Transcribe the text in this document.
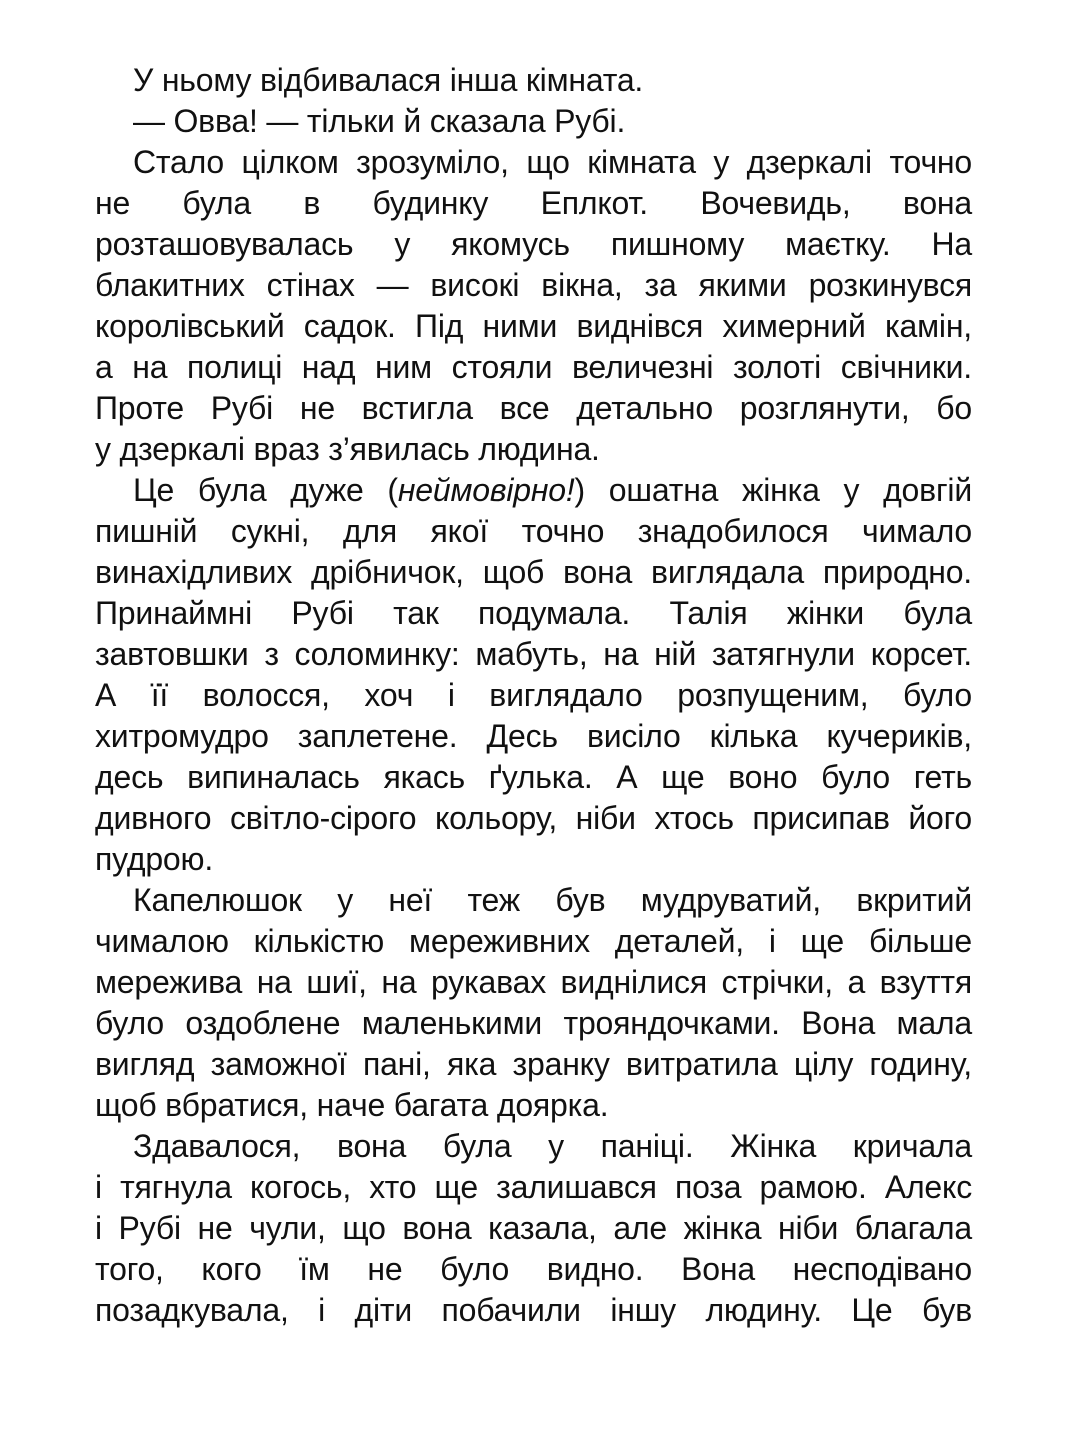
У ньому відбивалася інша кімната.
— Овва! — тільки й сказала Рубі.
Стало цілком зрозуміло, що кімната у дзеркалі точно
не була в будинку Еплкот. Вочевидь, вона
розташовувалась у якомусь пишному маєтку. На
блакитних стінах — високі вікна, за якими розкинувся
королівський садок. Під ними виднівся химерний камін,
а на полиці над ним стояли величезні золоті свічники.
Проте Рубі не встигла все детально розглянути, бо
у дзеркалі враз з’явилась людина.
Це була дуже (неймовірно!) ошатна жінка у довгій
пишній сукні, для якої точно знадобилося чимало
винахідливих дрібничок, щоб вона виглядала природно.
Принаймні Рубі так подумала. Талія жінки була
завтовшки з соломинку: мабуть, на ній затягнули корсет.
А її волосся, хоч і виглядало розпущеним, було
хитромудро заплетене. Десь висіло кілька кучериків,
десь випиналась якась ґулька. А ще воно було геть
дивного світло-сірого кольору, ніби хтось присипав його
пудрою.
Капелюшок у неї теж був мудруватий, вкритий
чималою кількістю мереживних деталей, і ще більше
мережива на шиї, на рукавах виднілися стрічки, а взуття
було оздоблене маленькими трояндочками. Вона мала
вигляд заможної пані, яка зранку витратила цілу годину,
щоб вбратися, наче багата доярка.
Здавалося, вона була у паніці. Жінка кричала
і тягнула когось, хто ще залишався поза рамою. Алекс
і Рубі не чули, що вона казала, але жінка ніби благала
того, кого їм не було видно. Вона несподівано
позадкувала, і діти побачили іншу людину. Це був
